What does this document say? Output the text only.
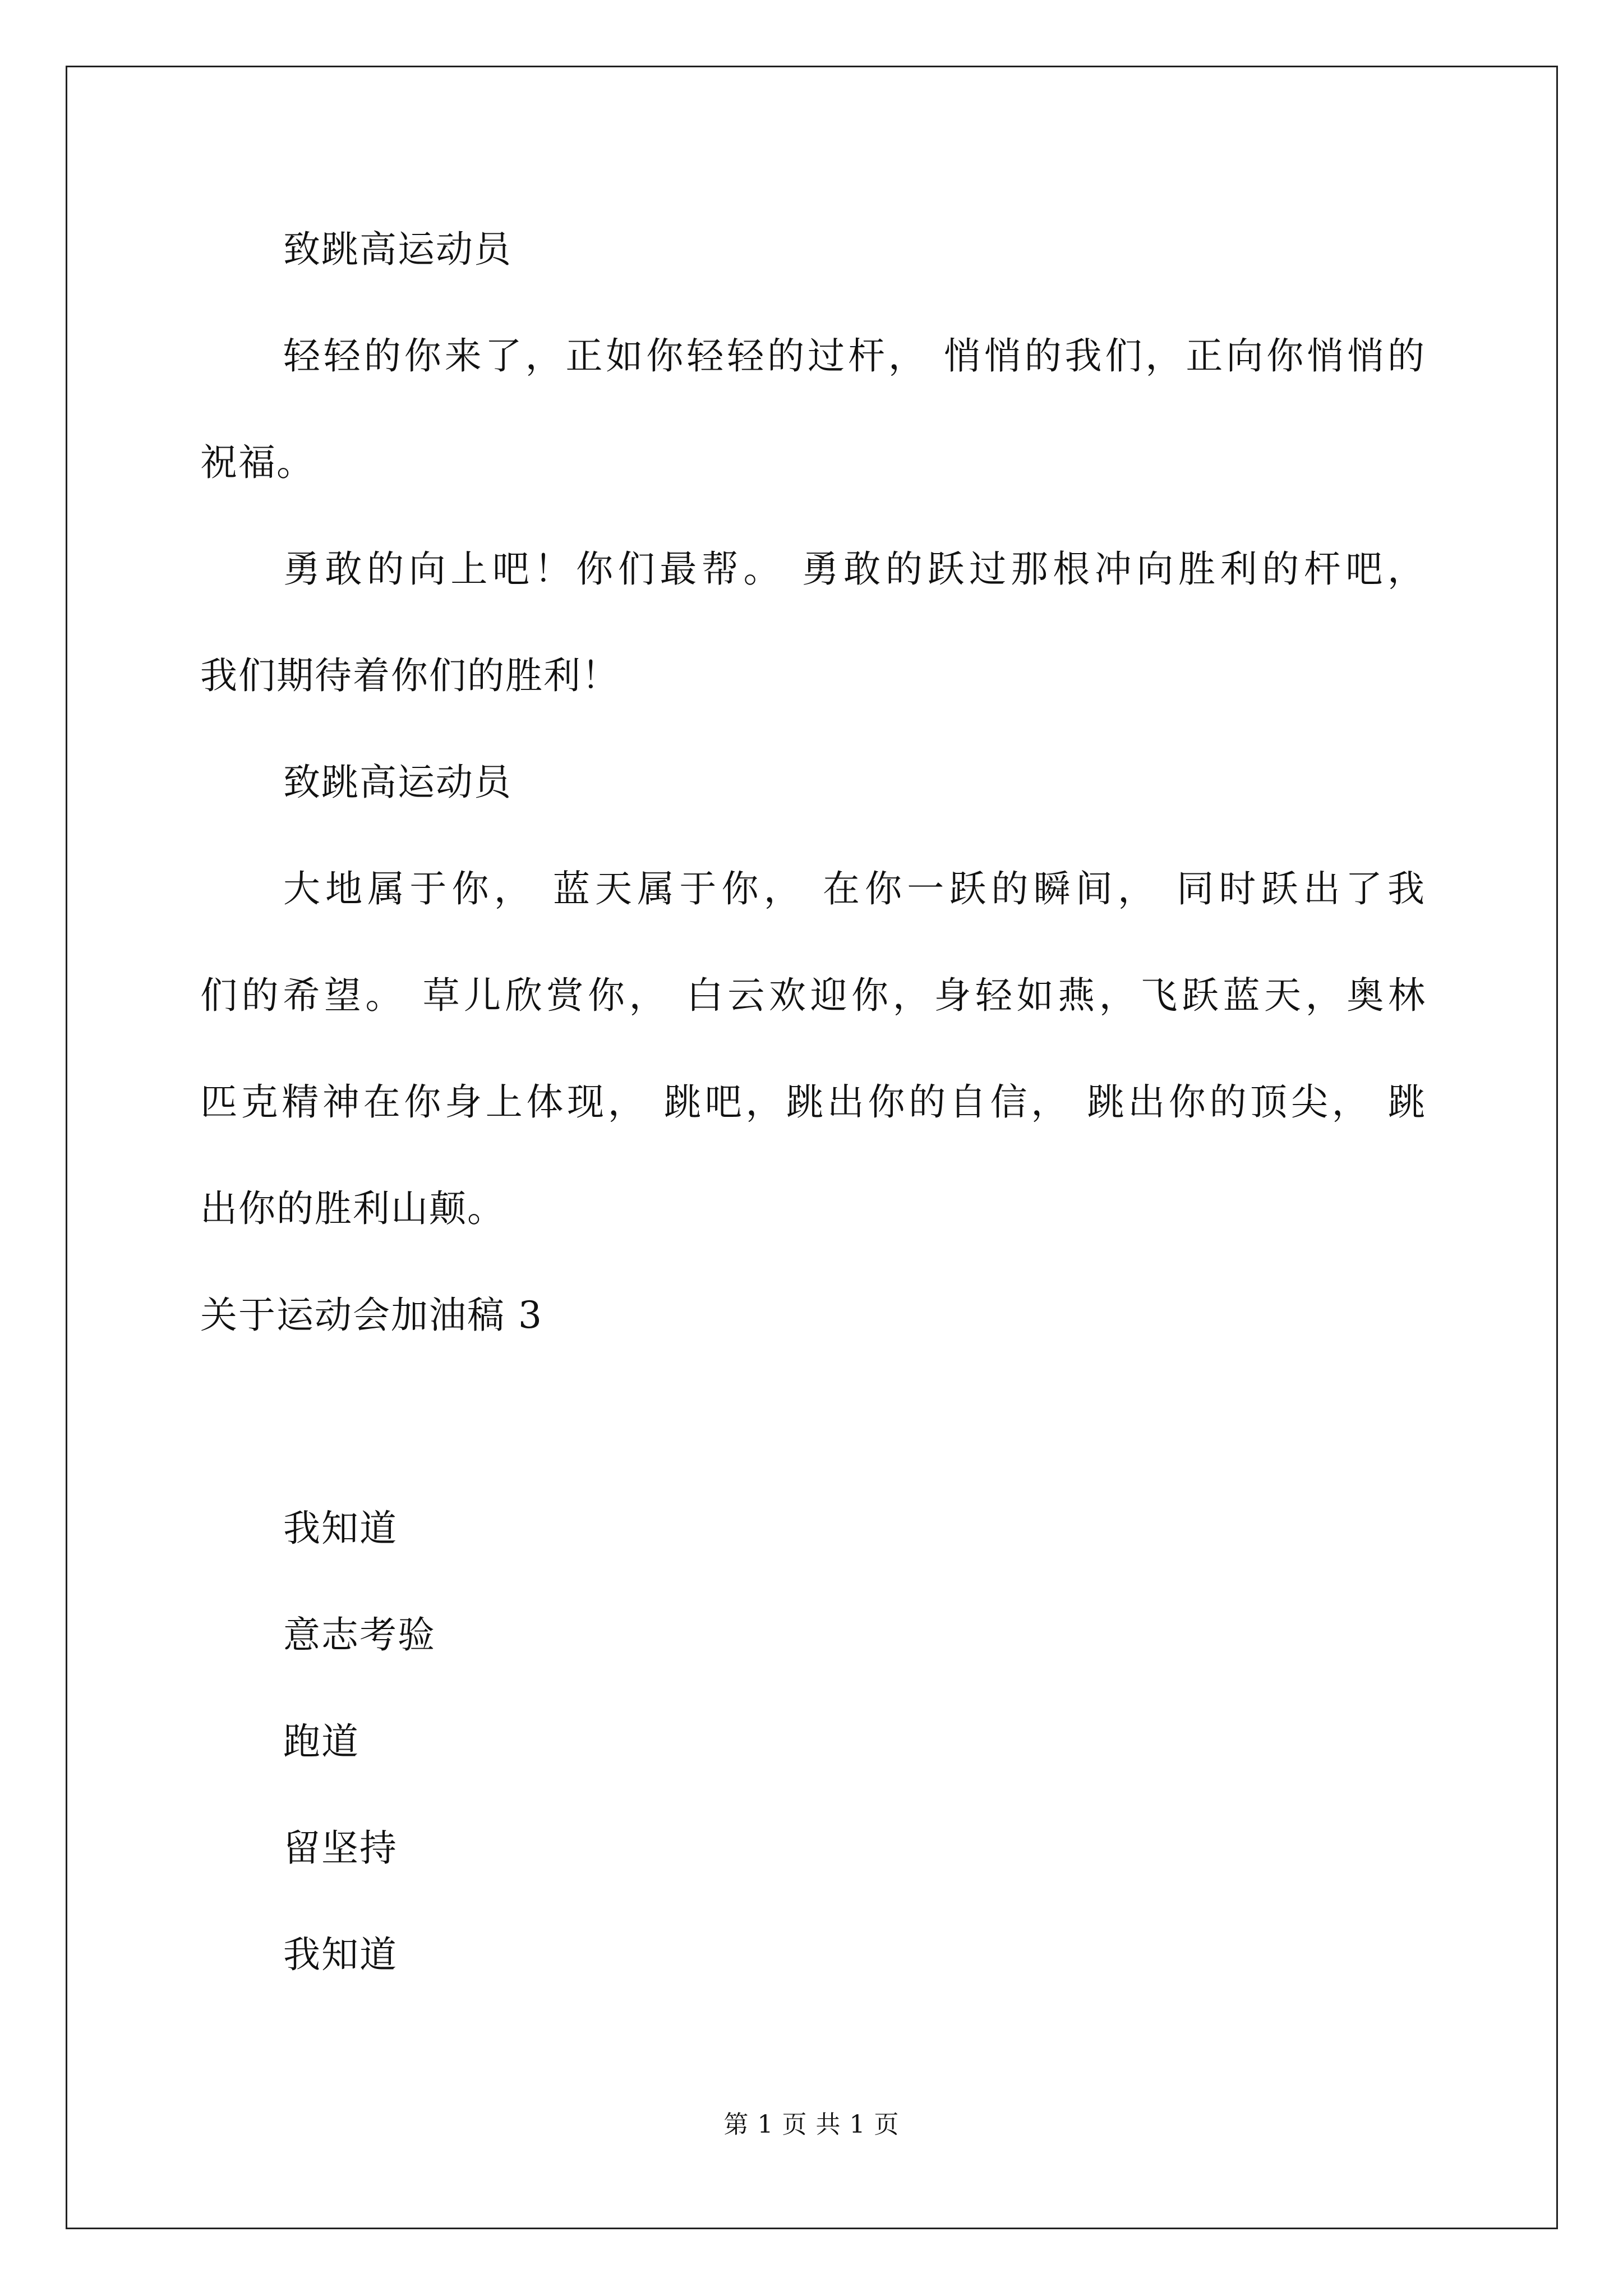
致跳高运动员
轻轻的你来了，正如你轻轻的过杆， 悄悄的我们，正向你悄悄的
祝福。
勇敢的向上吧！你们最帮。 勇敢的跃过那根冲向胜利的杆吧，
我们期待着你们的胜利！
致跳高运动员
大地属于你， 蓝天属于你， 在你一跃的瞬间， 同时跃出了我
们的希望。 草儿欣赏你， 白云欢迎你，身轻如燕，飞跃蓝天，奥林
匹克精神在你身上体现， 跳吧，跳出你的自信， 跳出你的顶尖， 跳
出你的胜利山颠。
关于运动会加油稿 3
我知道
意志考验
跑道
留坚持
我知道
第 1 页 共 1 页
